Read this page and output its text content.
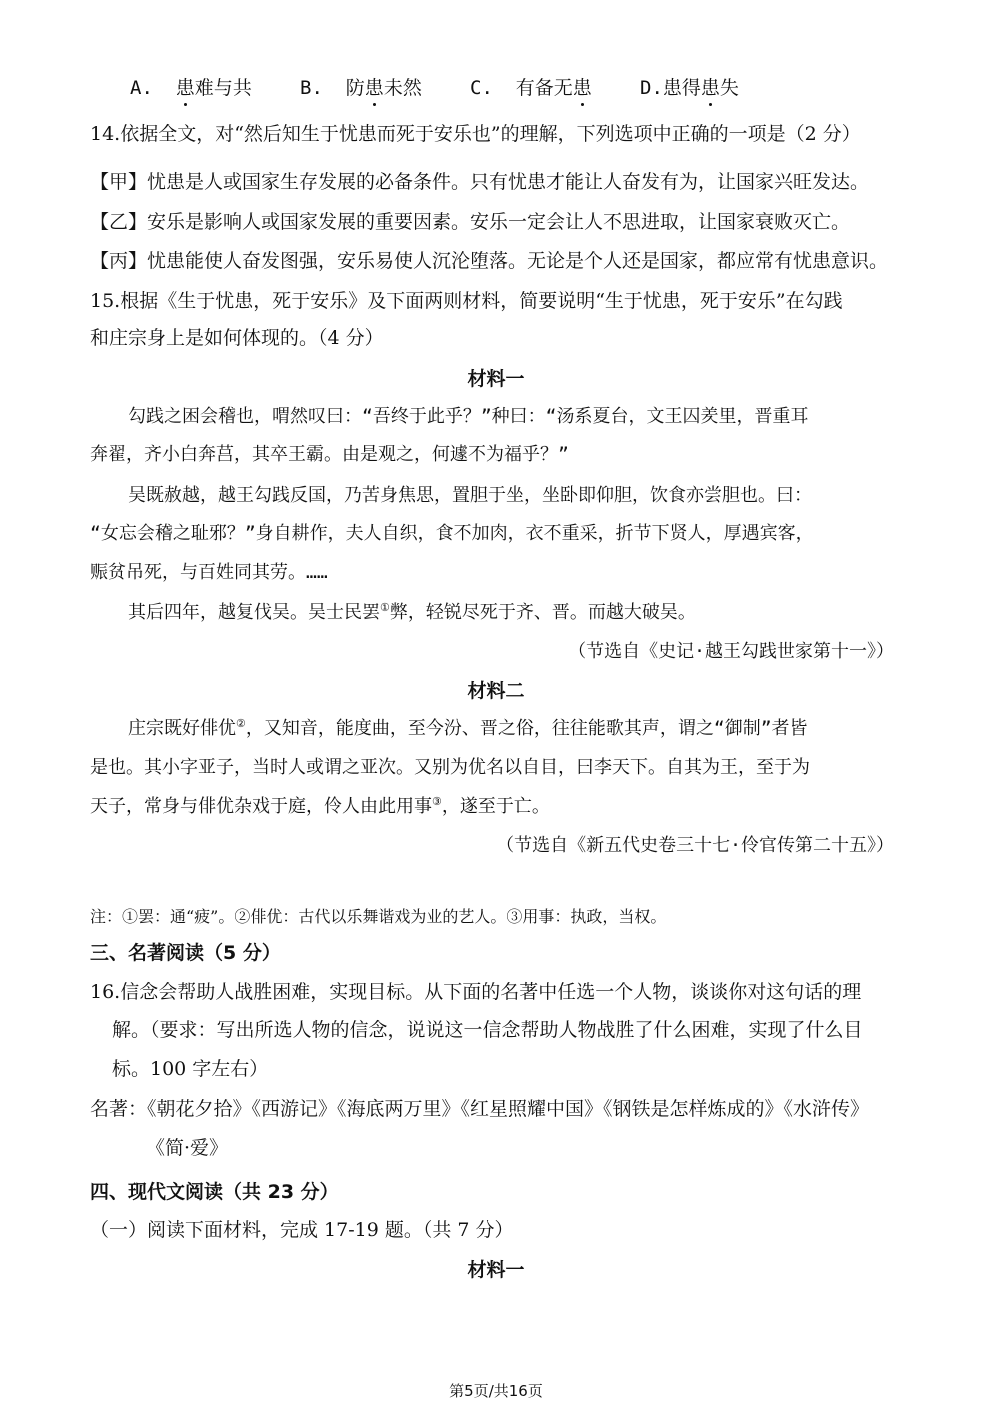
A. 患难与共	B. 防患未然	C. 有备无患	D.患得患失
14.依据全文，对“然后知生于忧患而死于安乐也”的理解，下列选项中正确的一项是（2 分）
【甲】忧患是人或国家生存发展的必备条件。只有忧患才能让人奋发有为，让国家兴旺发达。
【乙】安乐是影响人或国家发展的重要因素。安乐一定会让人不思进取，让国家衰败灭亡。
【丙】忧患能使人奋发图强，安乐易使人沉沦堕落。无论是个人还是国家，都应常有忧患意识。
15.根据《生于忧患，死于安乐》及下面两则材料，简要说明“生于忧患，死于安乐”在勾践
和庄宗身上是如何体现的。（4 分）
材料一
勾践之困会稽也，喟然叹曰：“吾终于此乎？”种曰：“汤系夏台，文王囚羑里，晋重耳
奔翟，齐小白奔莒，其卒王霸。由是观之，何遽不为福乎？”
吴既赦越，越王勾践反国，乃苦身焦思，置胆于坐，坐卧即仰胆，饮食亦尝胆也。曰：
“女忘会稽之耻邪？”身自耕作，夫人自织，食不加肉，衣不重采，折节下贤人，厚遇宾客，
赈贫吊死，与百姓同其劳。……
其后四年，越复伐吴。吴士民罢①弊，轻锐尽死于齐、晋。而越大破吴。
（节选自《史记·越王勾践世家第十一》）
材料二
庄宗既好俳优②，又知音，能度曲，至今汾、晋之俗，往往能歌其声，谓之“御制”者皆
是也。其小字亚子，当时人或谓之亚次。又别为优名以自目，曰李天下。自其为王，至于为
天子，常身与俳优杂戏于庭，伶人由此用事③，遂至于亡。
（节选自《新五代史卷三十七·伶官传第二十五》）
注：①罢：通“疲”。②俳优：古代以乐舞谐戏为业的艺人。③用事：执政，当权。
三、名著阅读（5 分）
16.信念会帮助人战胜困难，实现目标。从下面的名著中任选一个人物，谈谈你对这句话的理
解。（要求：写出所选人物的信念，说说这一信念帮助人物战胜了什么困难，实现了什么目
标。100 字左右）
名著：《朝花夕拾》《西游记》《海底两万里》《红星照耀中国》《钢铁是怎样炼成的》《水浒传》
《简·爱》
四、现代文阅读（共 23 分）
（一）阅读下面材料，完成 17-19 题。（共 7 分）
材料一
第5页/共16页
